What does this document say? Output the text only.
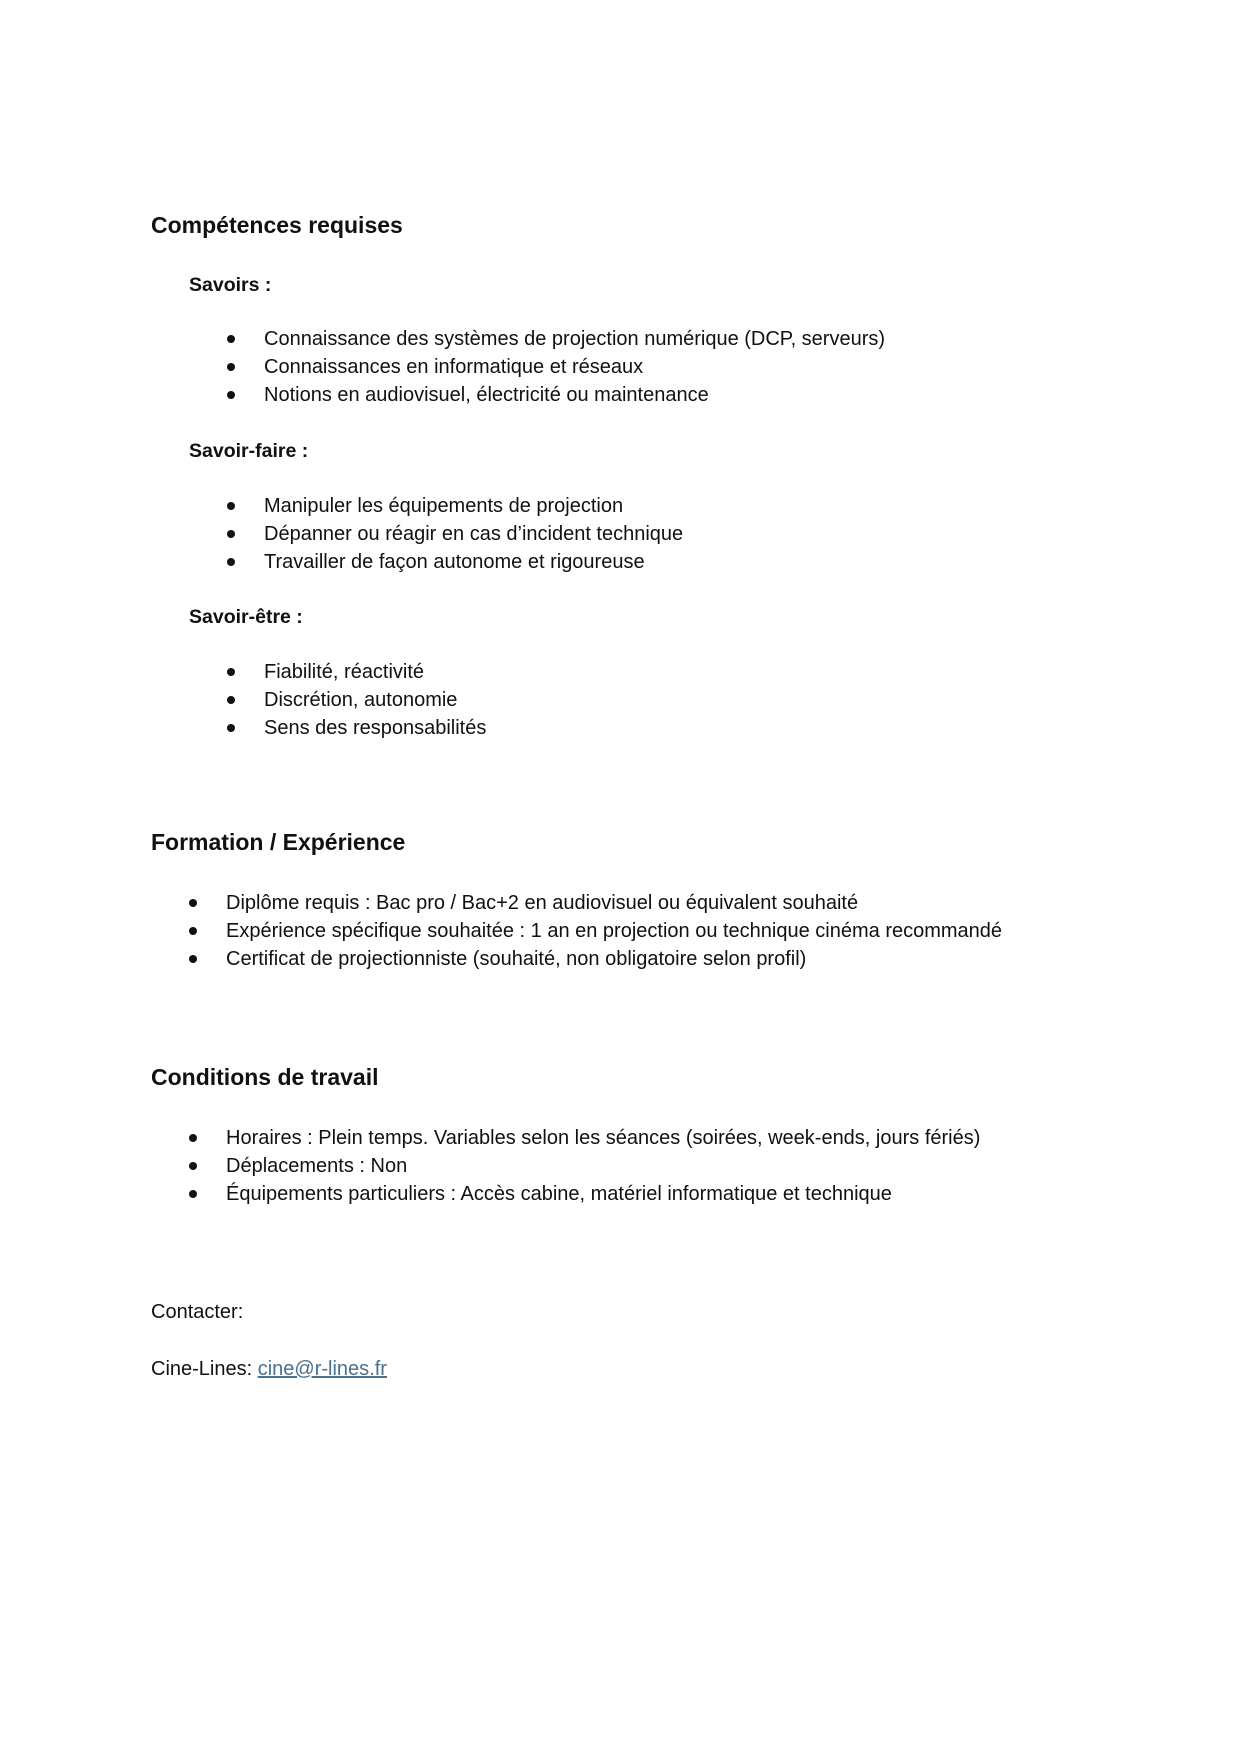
Compétences requises
Savoirs :
Connaissance des systèmes de projection numérique (DCP, serveurs)
Connaissances en informatique et réseaux
Notions en audiovisuel, électricité ou maintenance
Savoir-faire :
Manipuler les équipements de projection
Dépanner ou réagir en cas d’incident technique
Travailler de façon autonome et rigoureuse
Savoir-être :
Fiabilité, réactivité
Discrétion, autonomie
Sens des responsabilités
Formation / Expérience
Diplôme requis : Bac pro / Bac+2 en audiovisuel ou équivalent souhaité
Expérience spécifique souhaitée : 1 an en projection ou technique cinéma recommandé
Certificat de projectionniste (souhaité, non obligatoire selon profil)
Conditions de travail
Horaires : Plein temps. Variables selon les séances (soirées, week-ends, jours fériés)
Déplacements : Non
Équipements particuliers : Accès cabine, matériel informatique et technique

Contacter:

Cine-Lines: cine@r-lines.fr
